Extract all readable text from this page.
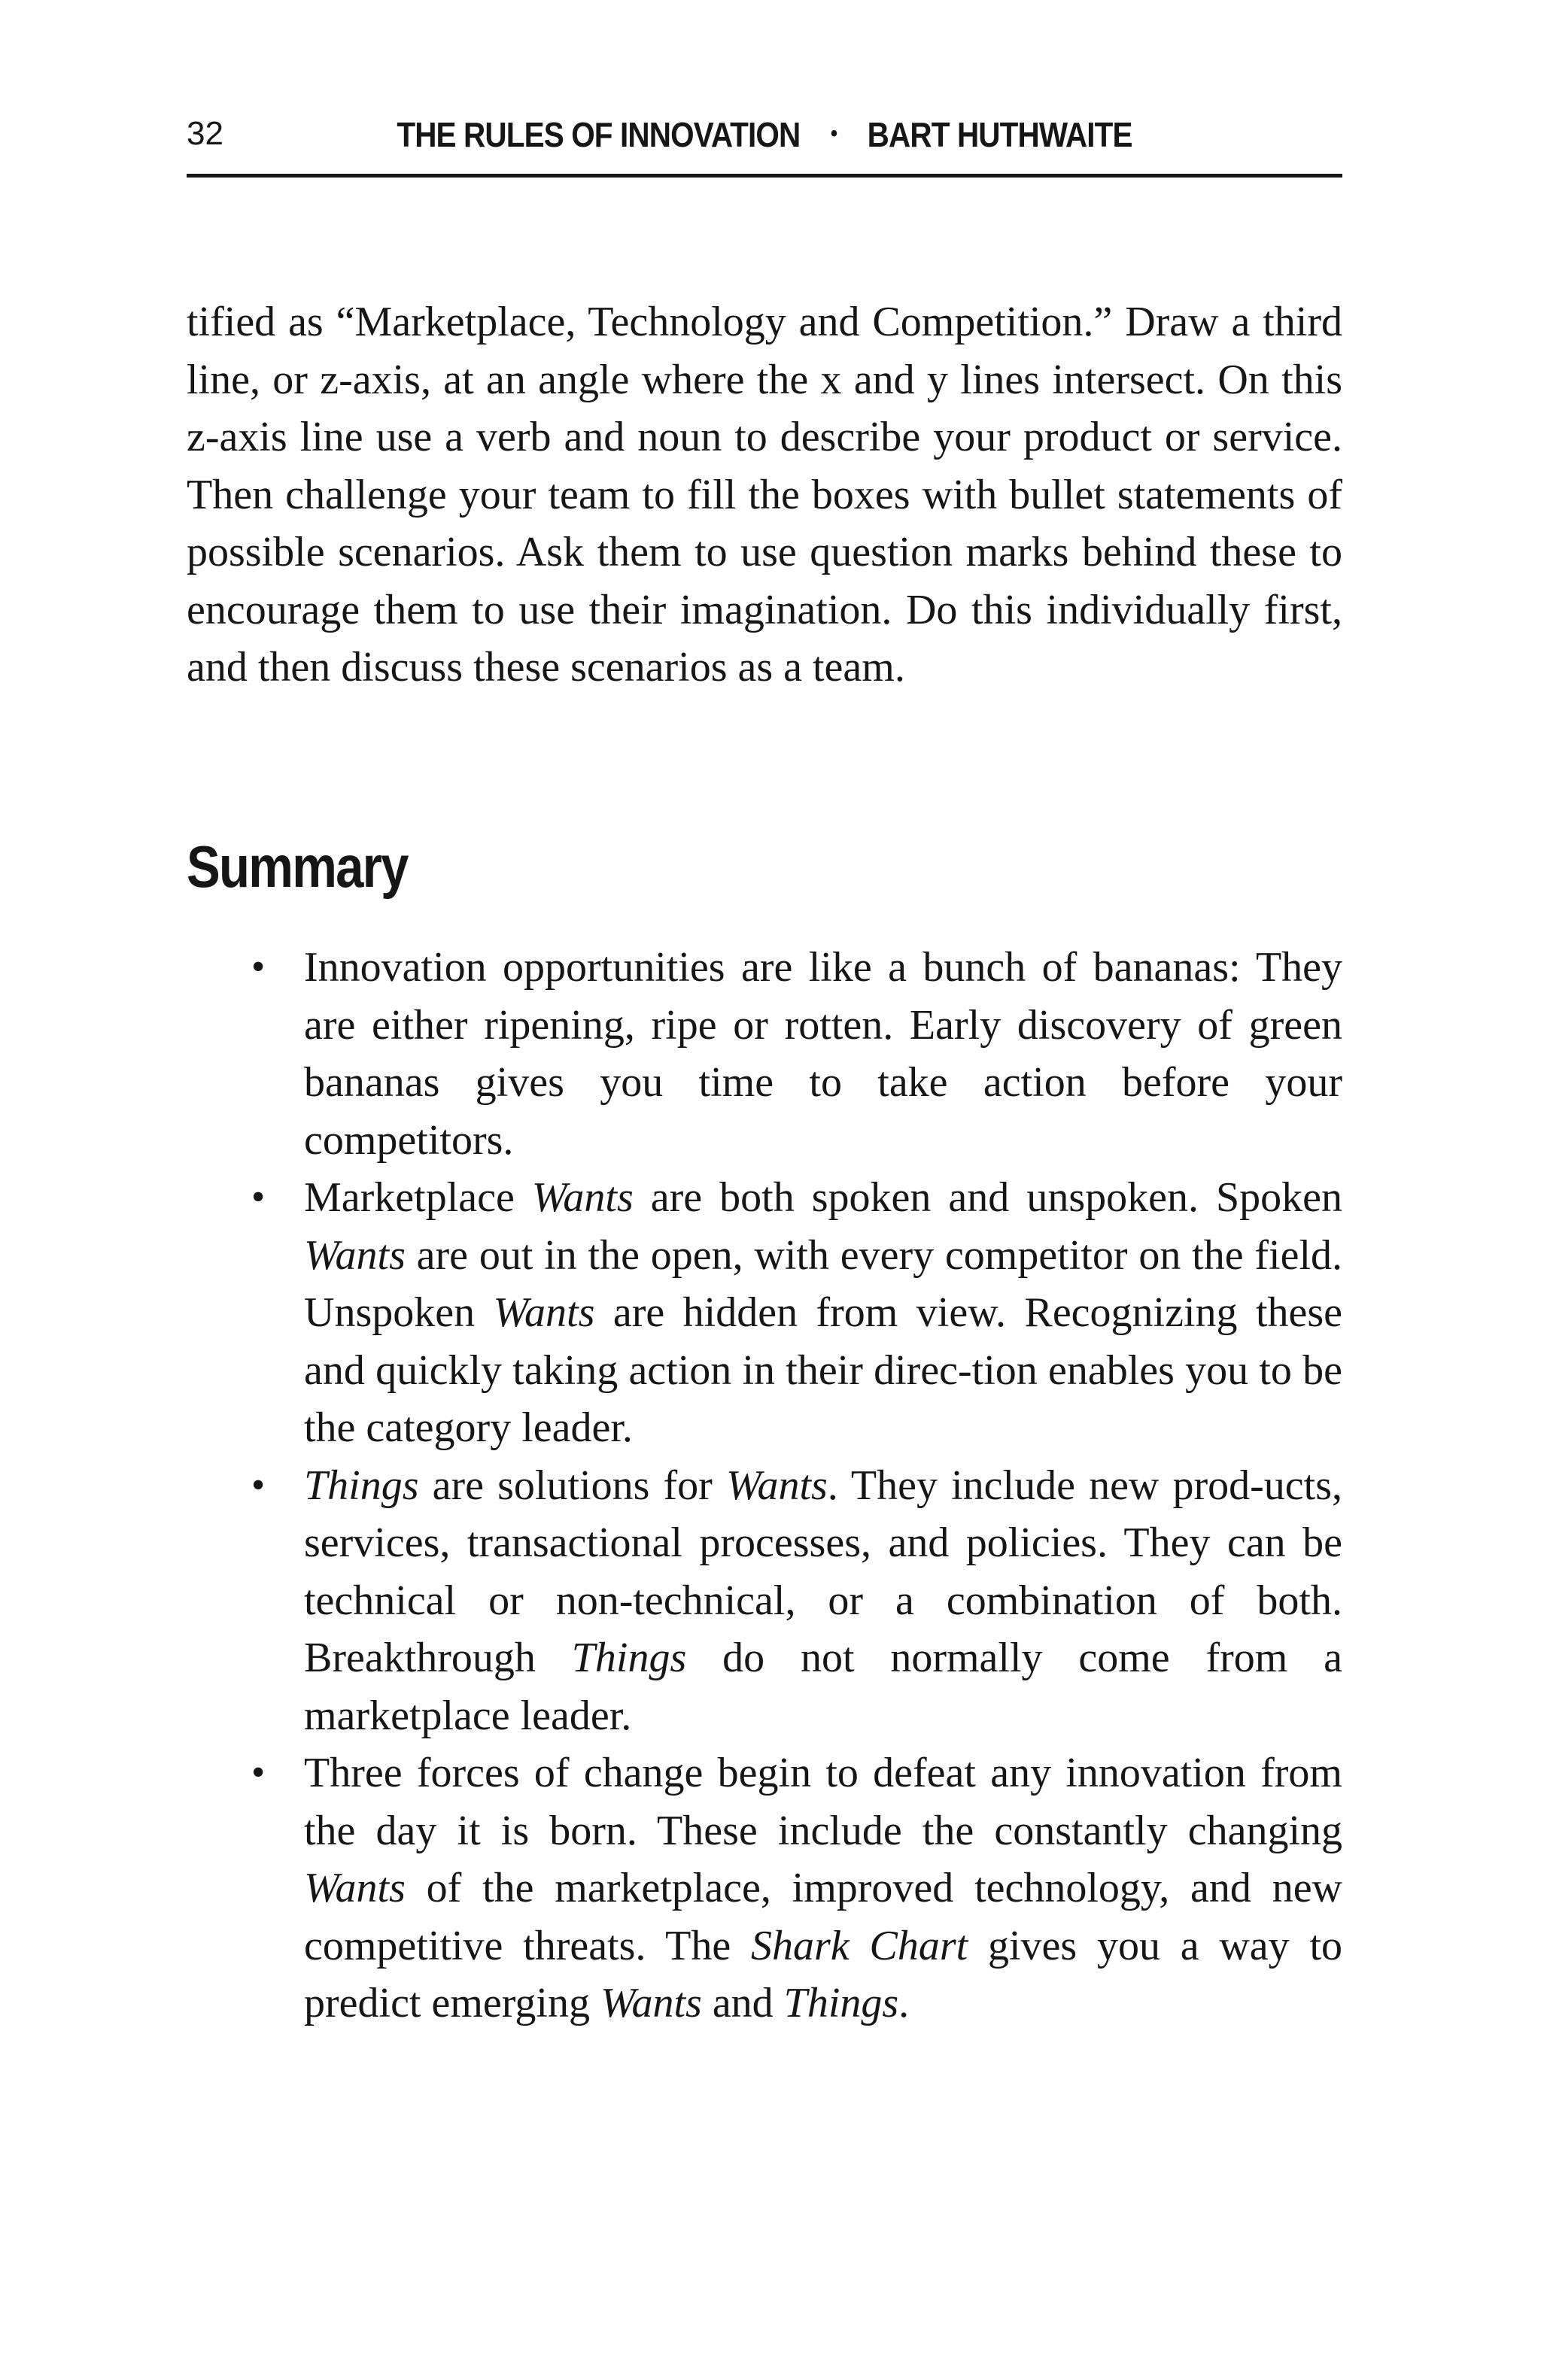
32	THE RULES OF INNOVATION • BART HUTHWAITE

tified as “Marketplace, Technology and Competition.” Draw a third line, or z-axis, at an angle where the x and y lines intersect. On this z-axis line use a verb and noun to describe your product or service. Then challenge your team to fill the boxes with bullet statements of possible scenarios. Ask them to use question marks behind these to encourage them to use their imagination. Do this individually first, and then discuss these scenarios as a team.

Summary
• Innovation opportunities are like a bunch of bananas: They are either ripening, ripe or rotten. Early discovery of green bananas gives you time to take action before your competitors.
• Marketplace Wants are both spoken and unspoken. Spoken Wants are out in the open, with every competitor on the field. Unspoken Wants are hidden from view. Recognizing these and quickly taking action in their direc-tion enables you to be the category leader.
• Things are solutions for Wants. They include new prod-ucts, services, transactional processes, and policies. They can be technical or non-technical, or a combination of both. Breakthrough Things do not normally come from a marketplace leader.
• Three forces of change begin to defeat any innovation from the day it is born. These include the constantly changing Wants of the marketplace, improved technology, and new competitive threats. The Shark Chart gives you a way to predict emerging Wants and Things.
